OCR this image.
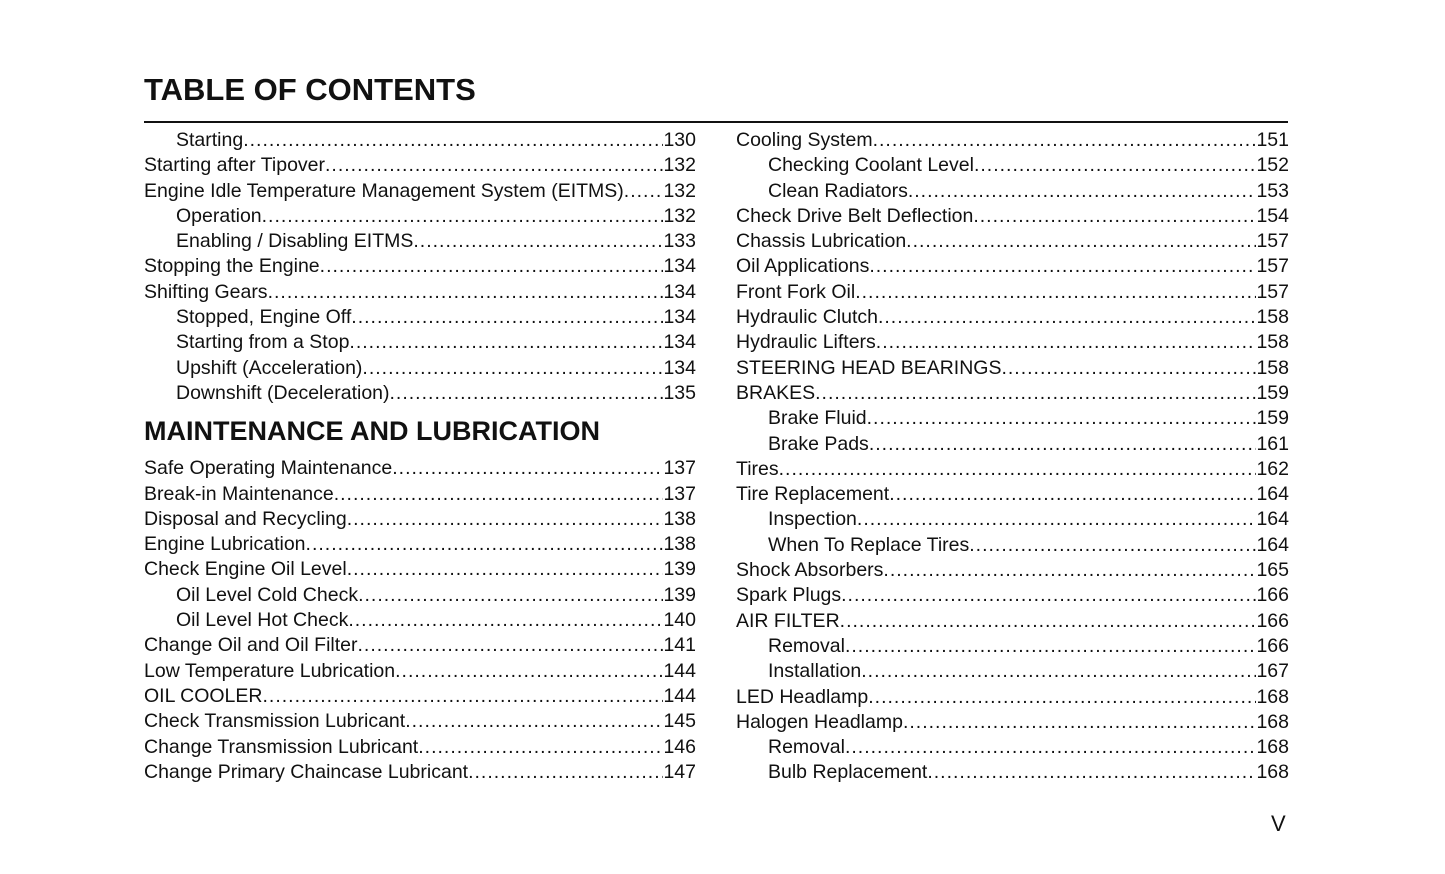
TABLE OF CONTENTS
Starting .....	130
Starting after Tipover .....	132
Engine Idle Temperature Management System (EITMS) ..... 132
Operation .....	132
Enabling / Disabling EITMS .....	133
Stopping the Engine .....	134
Shifting Gears .....	134
Stopped, Engine Off .....	134
Starting from a Stop .....	134
Upshift (Acceleration) .....	134
Downshift (Deceleration) .....	135
MAINTENANCE AND LUBRICATION
Safe Operating Maintenance .....	137
Break-in Maintenance .....	137
Disposal and Recycling .....	138
Engine Lubrication .....	138
Check Engine Oil Level .....	139
Oil Level Cold Check .....	139
Oil Level Hot Check .....	140
Change Oil and Oil Filter .....	141
Low Temperature Lubrication .....	144
OIL COOLER .....	144
Check Transmission Lubricant .....	145
Change Transmission Lubricant .....	146
Change Primary Chaincase Lubricant .....	147
Cooling System .....	151
Checking Coolant Level .....	152
Clean Radiators .....	153
Check Drive Belt Deflection .....	154
Chassis Lubrication .....	157
Oil Applications .....	157
Front Fork Oil .....	157
Hydraulic Clutch .....	158
Hydraulic Lifters .....	158
STEERING HEAD BEARINGS .....	158
BRAKES .....	159
Brake Fluid .....	159
Brake Pads .....	161
Tires .....	162
Tire Replacement .....	164
Inspection .....	164
When To Replace Tires .....	164
Shock Absorbers .....	165
Spark Plugs .....	166
AIR FILTER .....	166
Removal .....	166
Installation .....	167
LED Headlamp .....	168
Halogen Headlamp .....	168
Removal .....	168
Bulb Replacement .....	168
V
